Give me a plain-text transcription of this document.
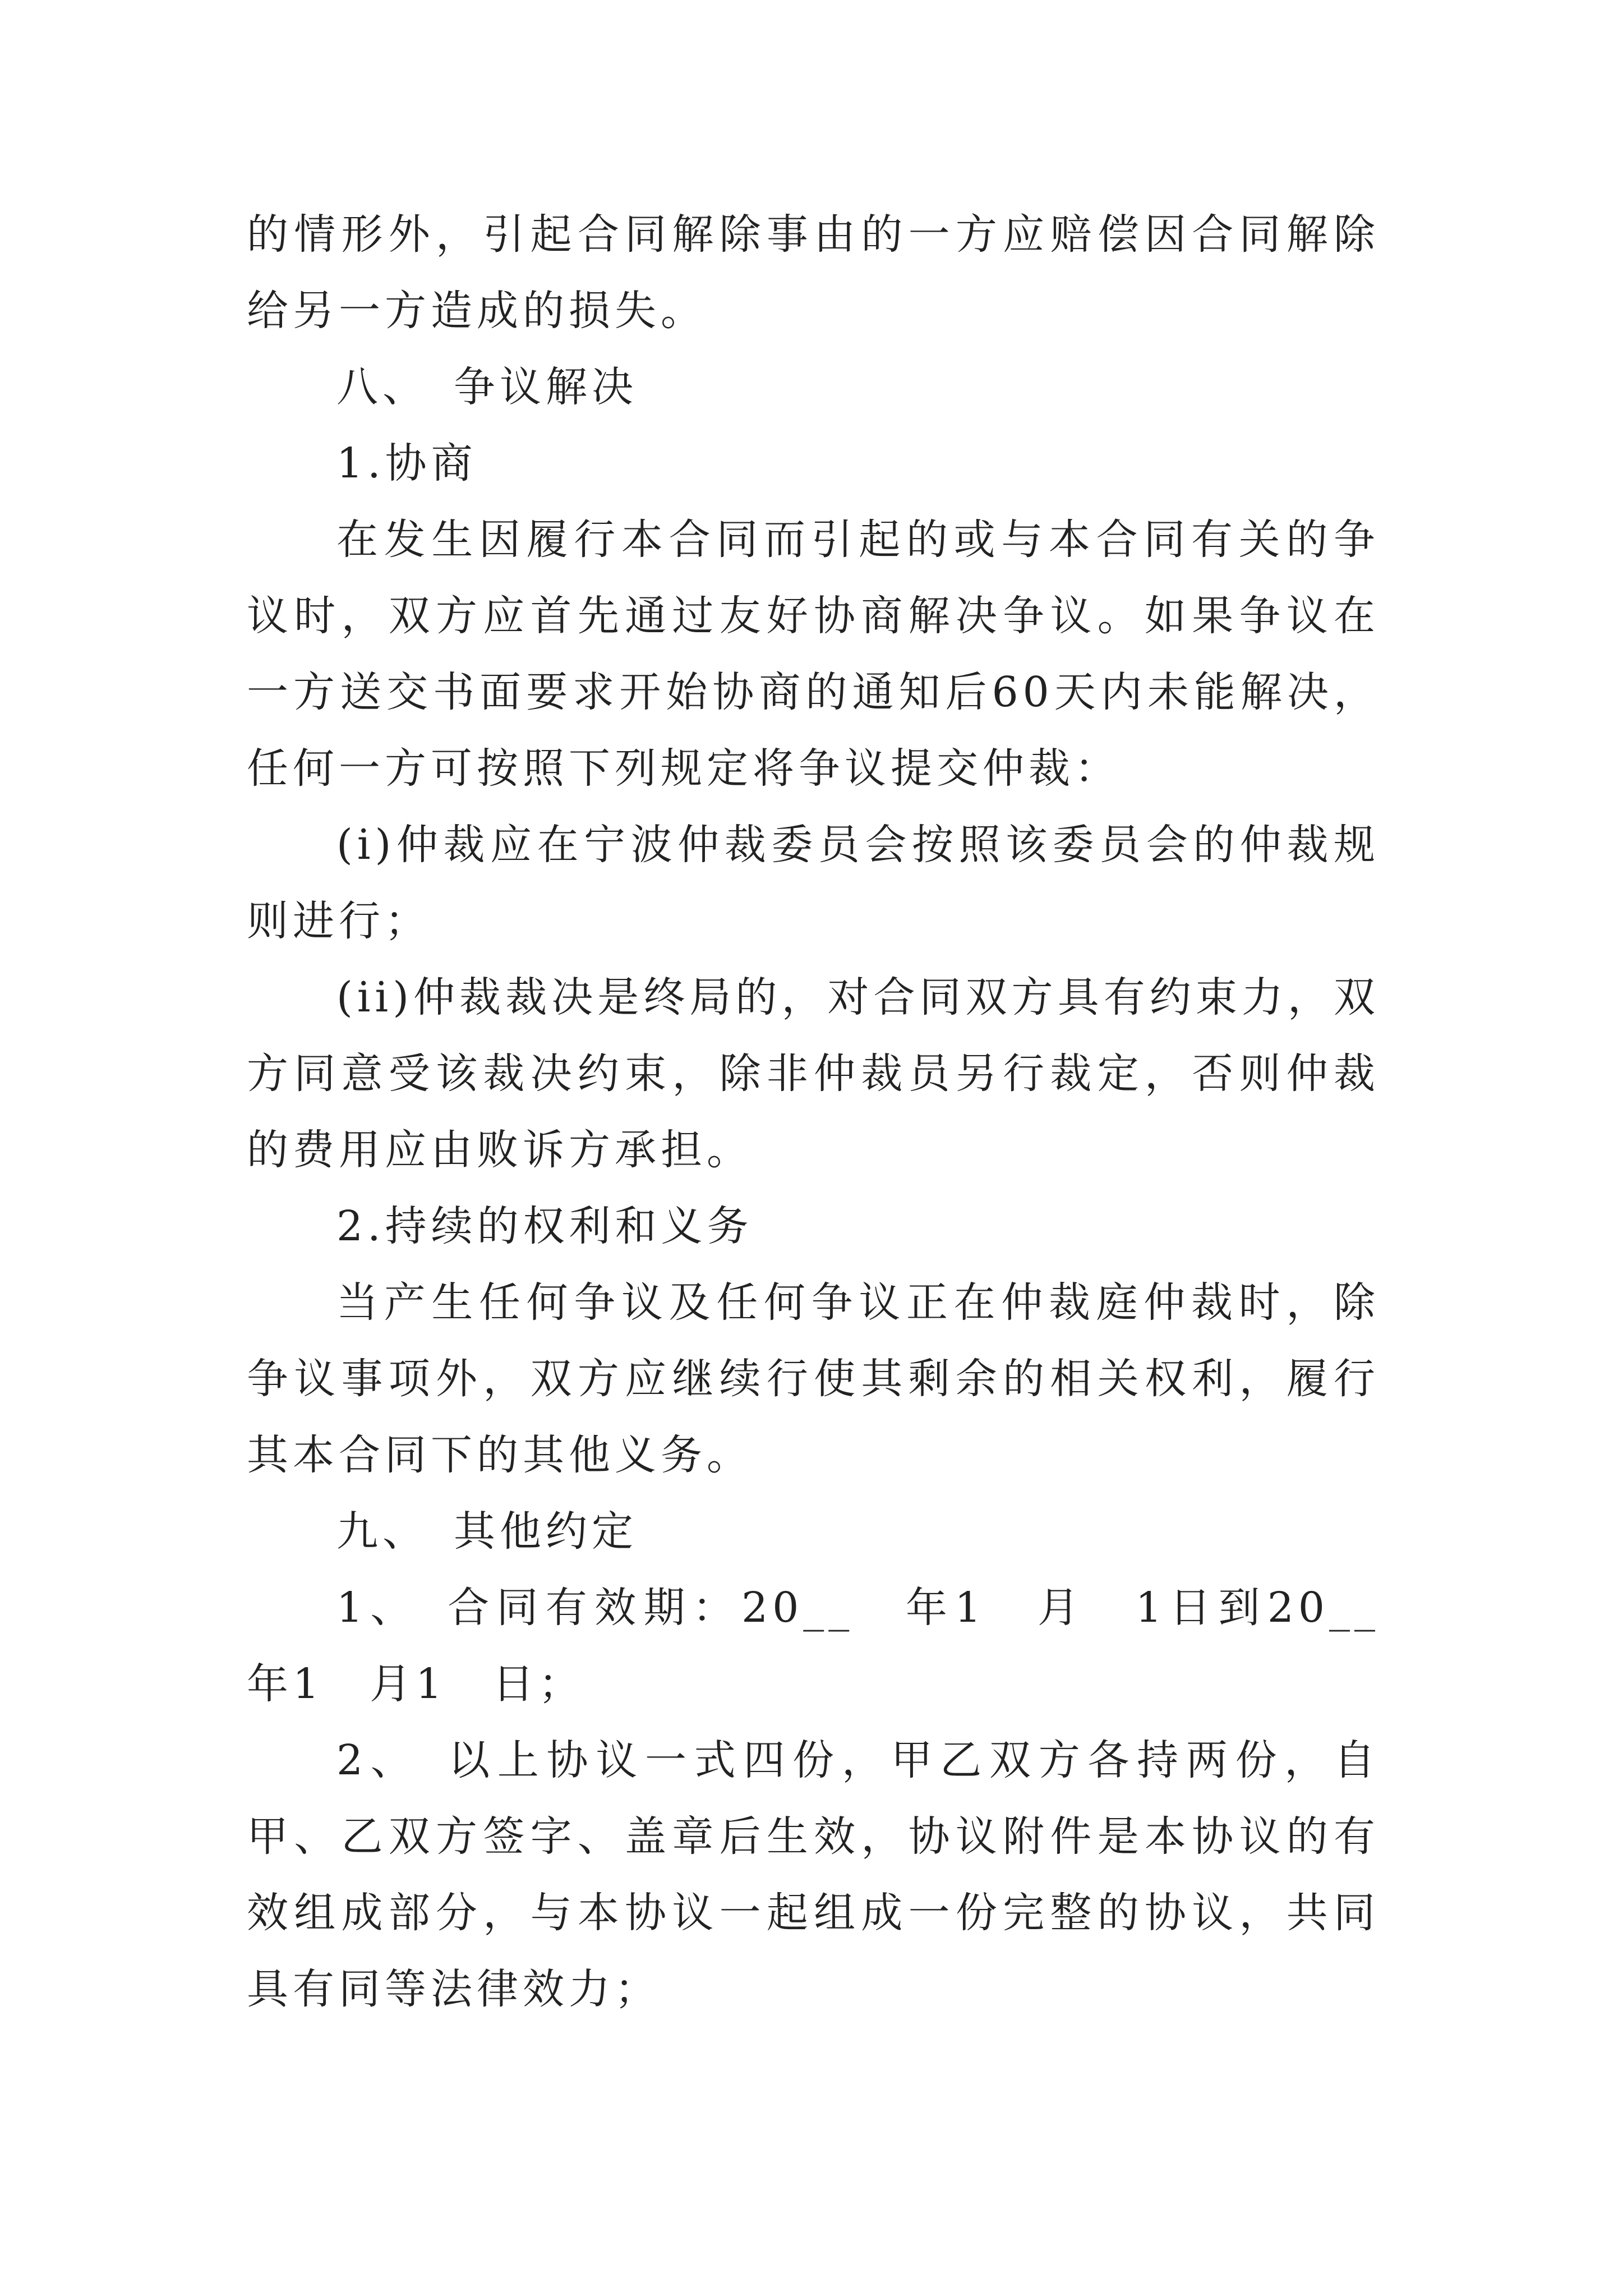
的情形外，引起合同解除事由的一方应赔偿因合同解除给另一方造成的损失。

八、　争议解决

1.协商

在发生因履行本合同而引起的或与本合同有关的争议时，双方应首先通过友好协商解决争议。如果争议在一方送交书面要求开始协商的通知后60天内未能解决，任何一方可按照下列规定将争议提交仲裁：

(i)仲裁应在宁波仲裁委员会按照该委员会的仲裁规则进行；

(ii)仲裁裁决是终局的，对合同双方具有约束力，双方同意受该裁决约束，除非仲裁员另行裁定，否则仲裁的费用应由败诉方承担。

2.持续的权利和义务

当产生任何争议及任何争议正在仲裁庭仲裁时，除争议事项外，双方应继续行使其剩余的相关权利，履行其本合同下的其他义务。

九、　其他约定

1、　合同有效期：20__　年1　月　1日到20__　年1　月1　日；

2、　以上协议一式四份，甲乙双方各持两份，自甲、乙双方签字、盖章后生效，协议附件是本协议的有效组成部分，与本协议一起组成一份完整的协议，共同具有同等法律效力；
